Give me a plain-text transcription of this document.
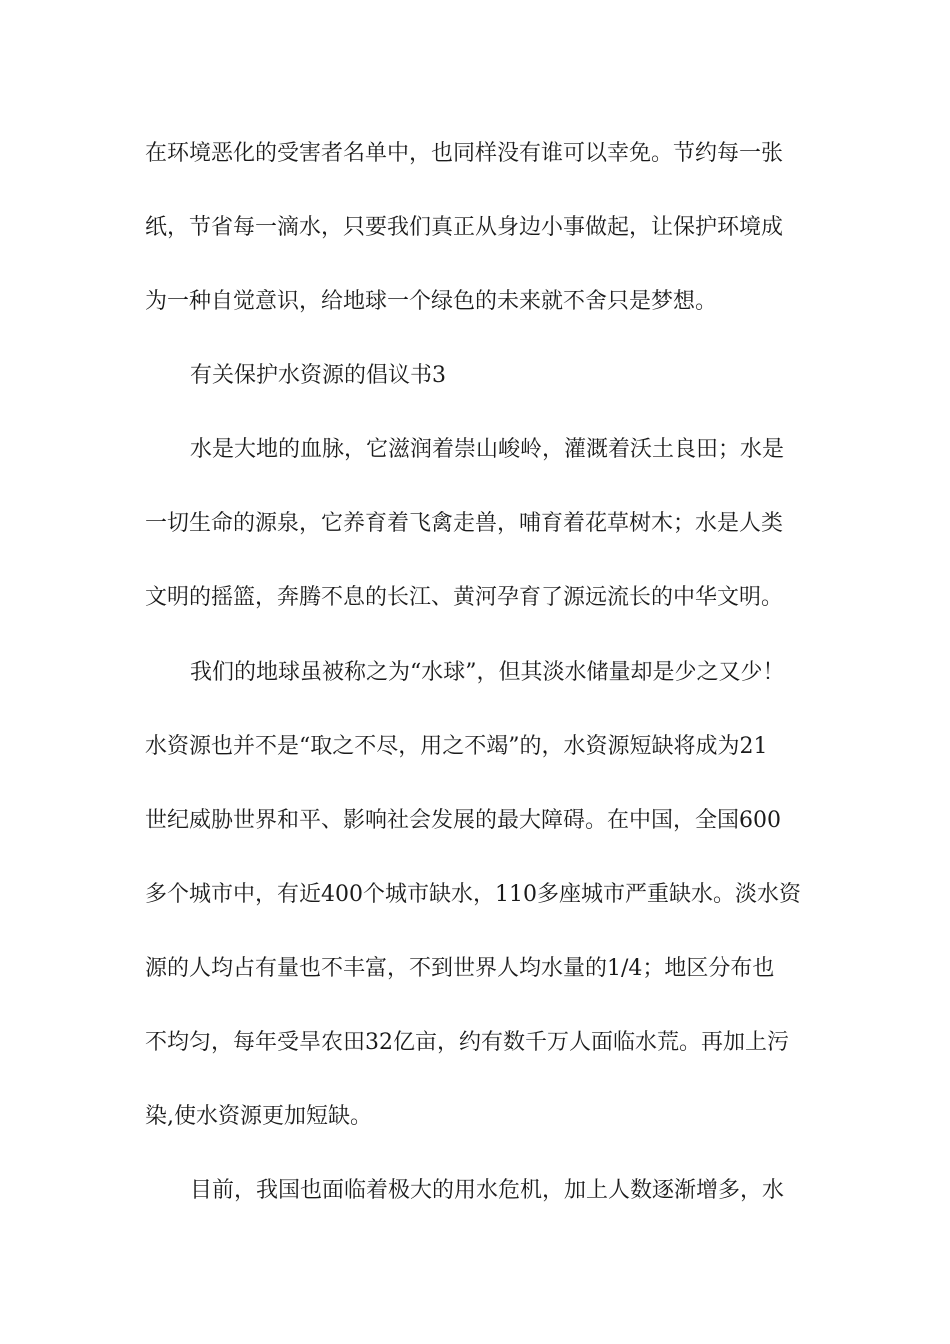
在环境恶化的受害者名单中，也同样没有谁可以幸免。节约每一张
纸，节省每一滴水，只要我们真正从身边小事做起，让保护环境成
为一种自觉意识，给地球一个绿色的未来就不舍只是梦想。
有关保护水资源的倡议书3
水是大地的血脉，它滋润着崇山峻岭，灌溉着沃土良田；水是
一切生命的源泉，它养育着飞禽走兽，哺育着花草树木；水是人类
文明的摇篮，奔腾不息的长江、黄河孕育了源远流长的中华文明。
我们的地球虽被称之为“水球”，但其淡水储量却是少之又少！
水资源也并不是“取之不尽，用之不竭”的，水资源短缺将成为21
世纪威胁世界和平、影响社会发展的最大障碍。在中国，全国600
多个城市中，有近400个城市缺水，110多座城市严重缺水。淡水资
源的人均占有量也不丰富，不到世界人均水量的1/4；地区分布也
不均匀，每年受旱农田32亿亩，约有数千万人面临水荒。再加上污
染,使水资源更加短缺。
目前，我国也面临着极大的用水危机，加上人数逐渐增多，水
